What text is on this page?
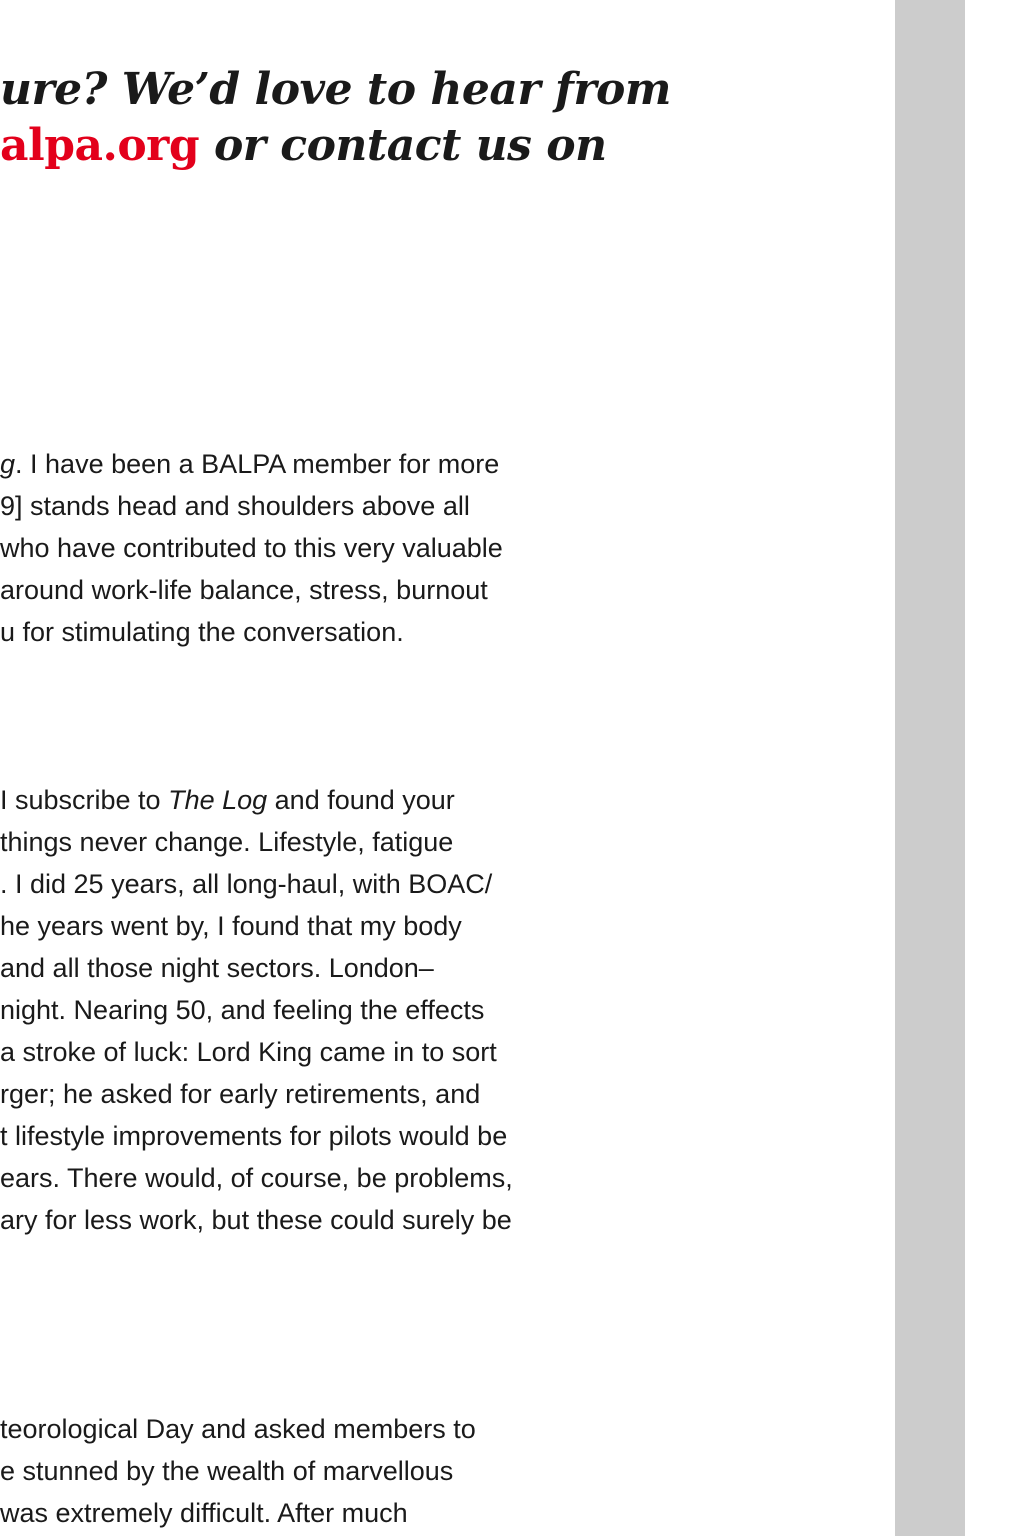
ure? We’d love to hear from
alpa.org or contact us on

g. I have been a BALPA member for more
9] stands head and shoulders above all
who have contributed to this very valuable
around work-life balance, stress, burnout
u for stimulating the conversation.

I subscribe to The Log and found your
things never change. Lifestyle, fatigue
. I did 25 years, all long-haul, with BOAC/
he years went by, I found that my body
and all those night sectors. London–
night. Nearing 50, and feeling the effects
a stroke of luck: Lord King came in to sort
rger; he asked for early retirements, and
t lifestyle improvements for pilots would be
ears. There would, of course, be problems,
ary for less work, but these could surely be

teorological Day and asked members to
e stunned by the wealth of marvellous
was extremely difficult. After much
